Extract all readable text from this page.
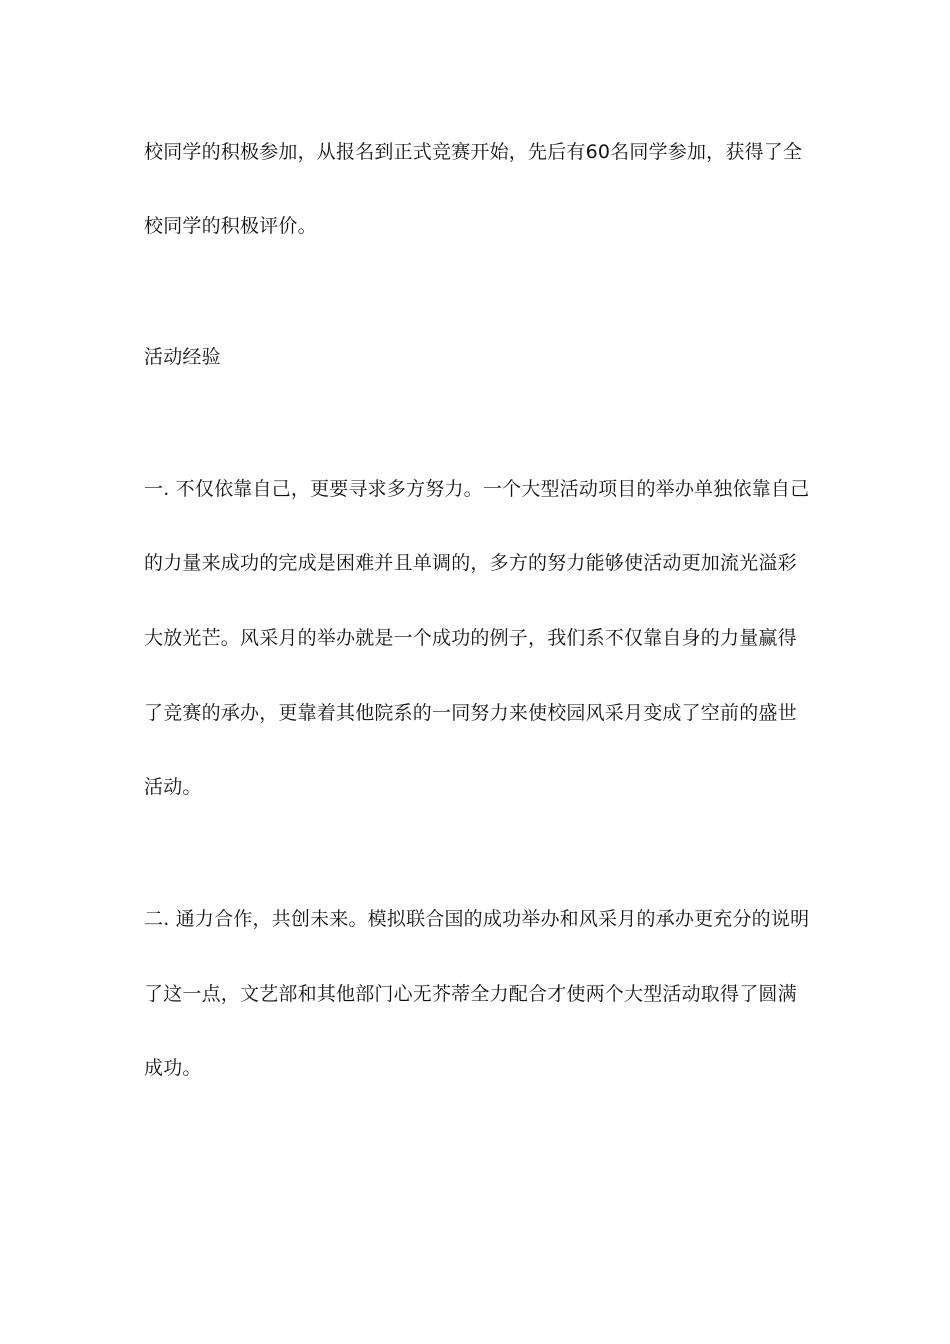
校同学的积极参加，从报名到正式竞赛开始，先后有60名同学参加，获得了全
校同学的积极评价。
活动经验
一. 不仅依靠自己，更要寻求多方努力。一个大型活动项目的举办单独依靠自己
的力量来成功的完成是困难并且单调的，多方的努力能够使活动更加流光溢彩
大放光芒。风采月的举办就是一个成功的例子，我们系不仅靠自身的力量赢得
了竞赛的承办，更靠着其他院系的一同努力来使校园风采月变成了空前的盛世
活动。
二. 通力合作，共创未来。模拟联合国的成功举办和风采月的承办更充分的说明
了这一点，文艺部和其他部门心无芥蒂全力配合才使两个大型活动取得了圆满
成功。
